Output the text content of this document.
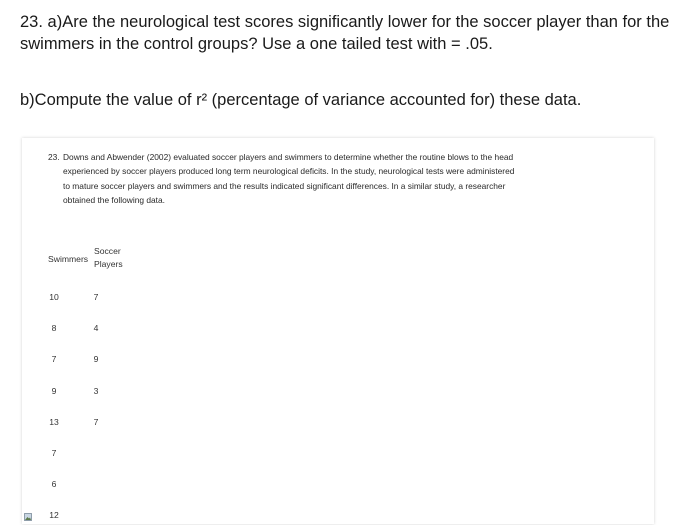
23. a)Are the neurological test scores significantly lower for the soccer player than for the swimmers in the control groups? Use a one tailed test with = .05.

b)Compute the value of r² (percentage of variance accounted for) these data.

23. Downs and Abwender (2002) evaluated soccer players and swimmers to determine whether the routine blows to the head experienced by soccer players produced long term neurological deficits. In the study, neurological tests were administered to mature soccer players and swimmers and the results indicated significant differences. In a similar study, a researcher obtained the following data.

Swimmers
Soccer
Players
10
8
7
9
13
7
6
12
7
4
9
3
7
